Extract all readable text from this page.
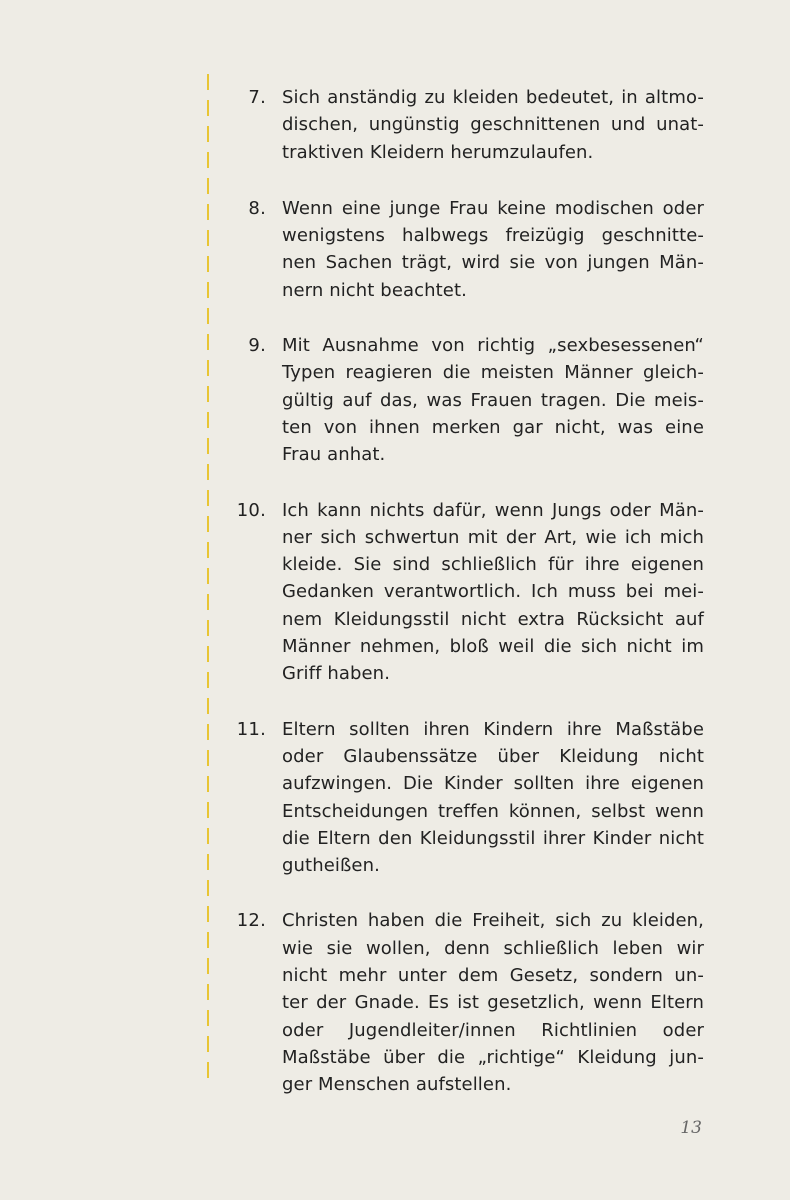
7. Sich anständig zu kleiden bedeutet, in altmo-
dischen, ungünstig geschnittenen und unat-
traktiven Kleidern herumzulaufen.
8. Wenn eine junge Frau keine modischen oder
wenigstens halbwegs freizügig geschnitte-
nen Sachen trägt, wird sie von jungen Män-
nern nicht beachtet.
9. Mit Ausnahme von richtig „sexbesessenen“
Typen reagieren die meisten Männer gleich-
gültig auf das, was Frauen tragen. Die meis-
ten von ihnen merken gar nicht, was eine
Frau anhat.
10. Ich kann nichts dafür, wenn Jungs oder Män-
ner sich schwertun mit der Art, wie ich mich
kleide. Sie sind schließlich für ihre eigenen
Gedanken verantwortlich. Ich muss bei mei-
nem Kleidungsstil nicht extra Rücksicht auf
Männer nehmen, bloß weil die sich nicht im
Griff haben.
11. Eltern sollten ihren Kindern ihre Maßstäbe
oder Glaubenssätze über Kleidung nicht
aufzwingen. Die Kinder sollten ihre eigenen
Entscheidungen treffen können, selbst wenn
die Eltern den Kleidungsstil ihrer Kinder nicht
gutheißen.
12. Christen haben die Freiheit, sich zu kleiden,
wie sie wollen, denn schließlich leben wir
nicht mehr unter dem Gesetz, sondern un-
ter der Gnade. Es ist gesetzlich, wenn Eltern
oder Jugendleiter/innen Richtlinien oder
Maßstäbe über die „richtige“ Kleidung jun-
ger Menschen aufstellen.
13
